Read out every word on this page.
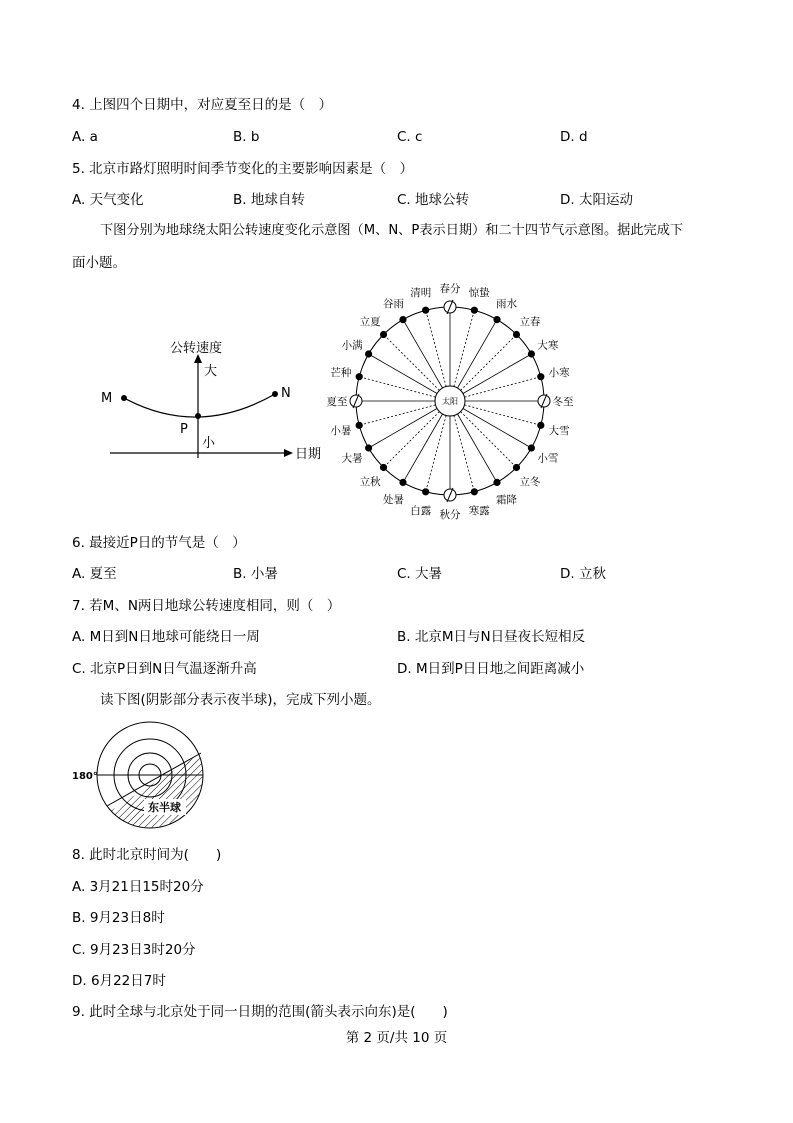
4. 上图四个日期中，对应夏至日的是（　）
A. a	B. b	C. c	D. d
5. 北京市路灯照明时间季节变化的主要影响因素是（　）
A. 天气变化	B. 地球自转	C. 地球公转	D. 太阳运动
下图分别为地球绕太阳公转速度变化示意图（M、N、P表示日期）和二十四节气示意图。据此完成下
面小题。
公转速度
大
小
日期
M	N
P
太阳
春分 惊蛰
雨水
立春
大寒
小寒
冬至
大雪
小雪
立冬
霜降
寒露
秋分
白露
处暑
立秋
大暑
小暑
夏至
芒种
小满
立夏
谷雨
清明
6. 最接近P日的节气是（　）
A. 夏至	B. 小暑	C. 大暑	D. 立秋
7. 若M、N两日地球公转速度相同，则（　）
A. M日到N日地球可能绕日一周	B. 北京M日与N日昼夜长短相反
C. 北京P日到N日气温逐渐升高	D. M日到P日日地之间距离减小
读下图(阴影部分表示夜半球)，完成下列小题。
180°
东半球
8. 此时北京时间为(　　)
A. 3月21日15时20分
B. 9月23日8时
C. 9月23日3时20分
D. 6月22日7时
9. 此时全球与北京处于同一日期的范围(箭头表示向东)是(　　)
第 2 页/共 10 页
